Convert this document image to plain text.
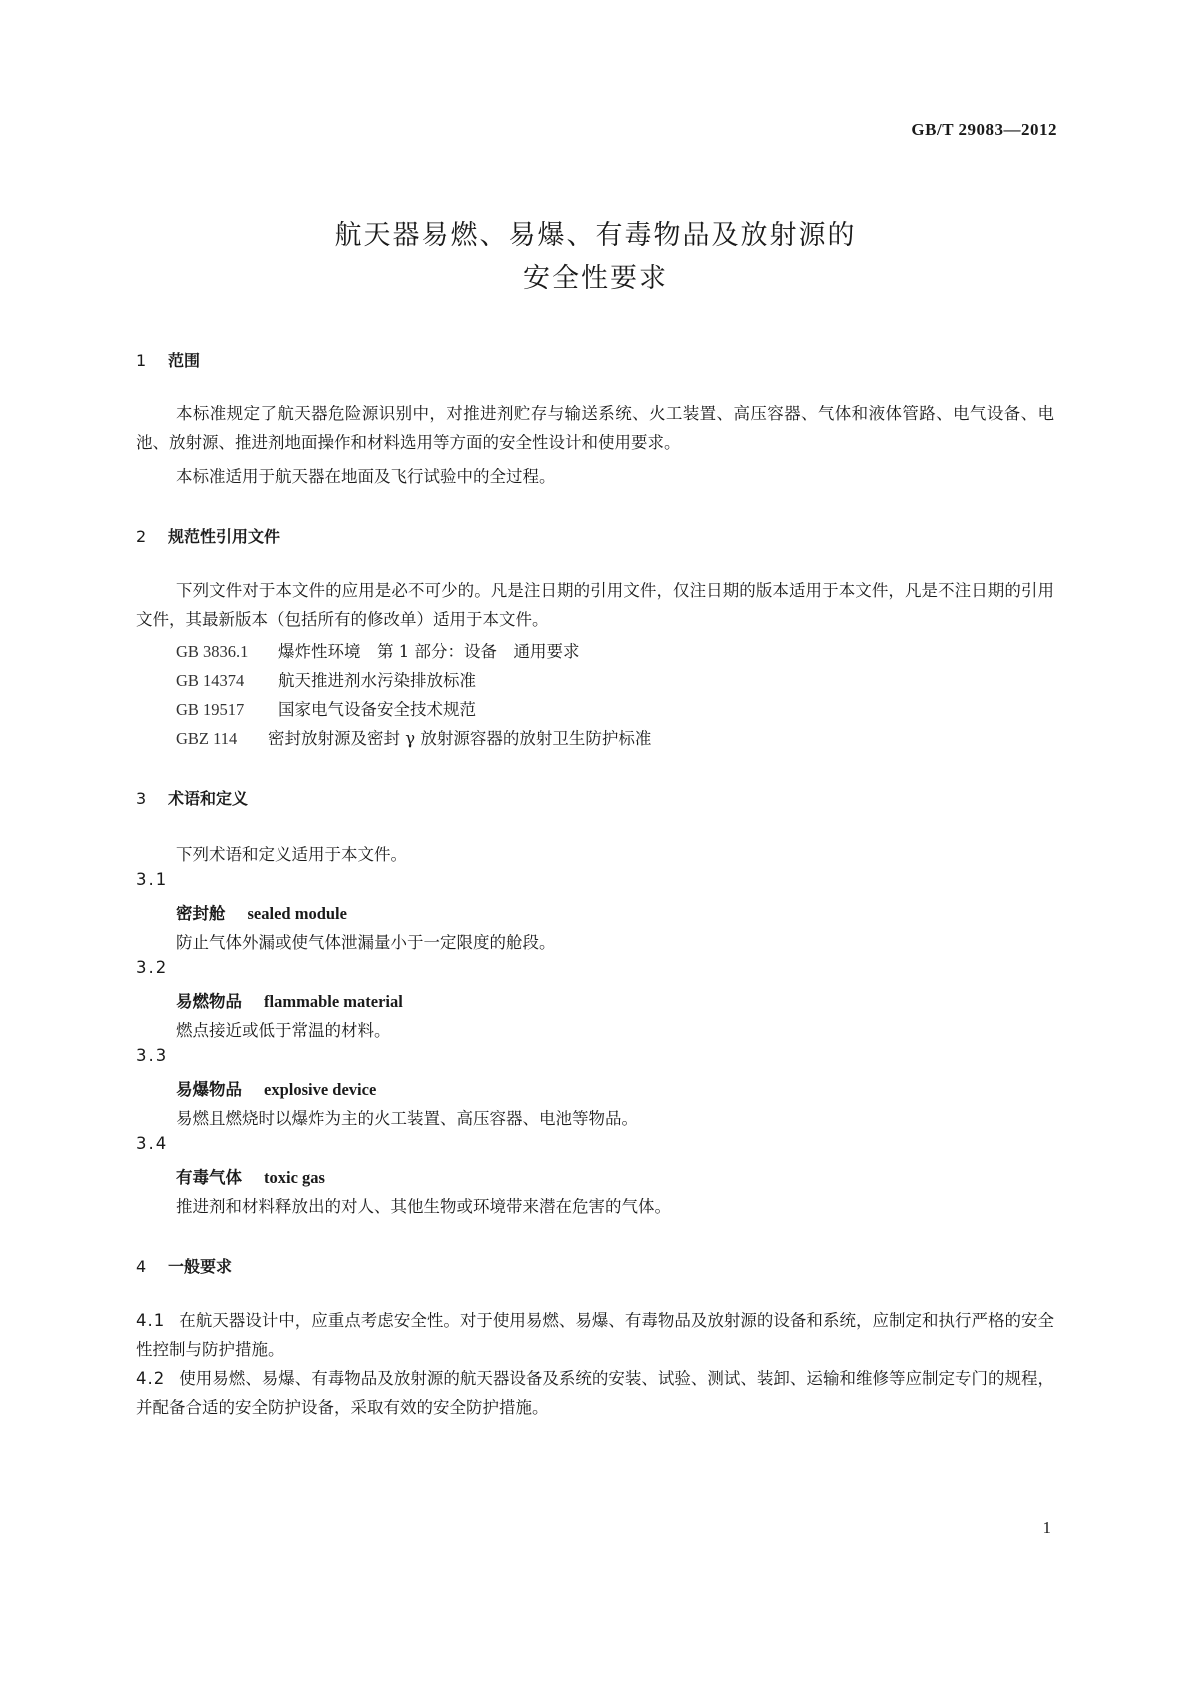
GB/T 29083—2012
航天器易燃、易爆、有毒物品及放射源的
安全性要求
1 范围
本标准规定了航天器危险源识别中，对推进剂贮存与输送系统、火工装置、高压容器、气体和液体管路、电气设备、电池、放射源、推进剂地面操作和材料选用等方面的安全性设计和使用要求。
本标准适用于航天器在地面及飞行试验中的全过程。
2 规范性引用文件
下列文件对于本文件的应用是必不可少的。凡是注日期的引用文件，仅注日期的版本适用于本文件，凡是不注日期的引用文件，其最新版本（包括所有的修改单）适用于本文件。
GB 3836.1 爆炸性环境　第 1 部分：设备　通用要求
GB 14374 航天推进剂水污染排放标准
GB 19517 国家电气设备安全技术规范
GBZ 114 密封放射源及密封 γ 放射源容器的放射卫生防护标准
3 术语和定义
下列术语和定义适用于本文件。
3.1
密封舱 sealed module
防止气体外漏或使气体泄漏量小于一定限度的舱段。
3.2
易燃物品 flammable material
燃点接近或低于常温的材料。
3.3
易爆物品 explosive device
易燃且燃烧时以爆炸为主的火工装置、高压容器、电池等物品。
3.4
有毒气体 toxic gas
推进剂和材料释放出的对人、其他生物或环境带来潜在危害的气体。
4 一般要求
4.1 在航天器设计中，应重点考虑安全性。对于使用易燃、易爆、有毒物品及放射源的设备和系统，应制定和执行严格的安全性控制与防护措施。
4.2 使用易燃、易爆、有毒物品及放射源的航天器设备及系统的安装、试验、测试、装卸、运输和维修等应制定专门的规程，并配备合适的安全防护设备，采取有效的安全防护措施。
1
